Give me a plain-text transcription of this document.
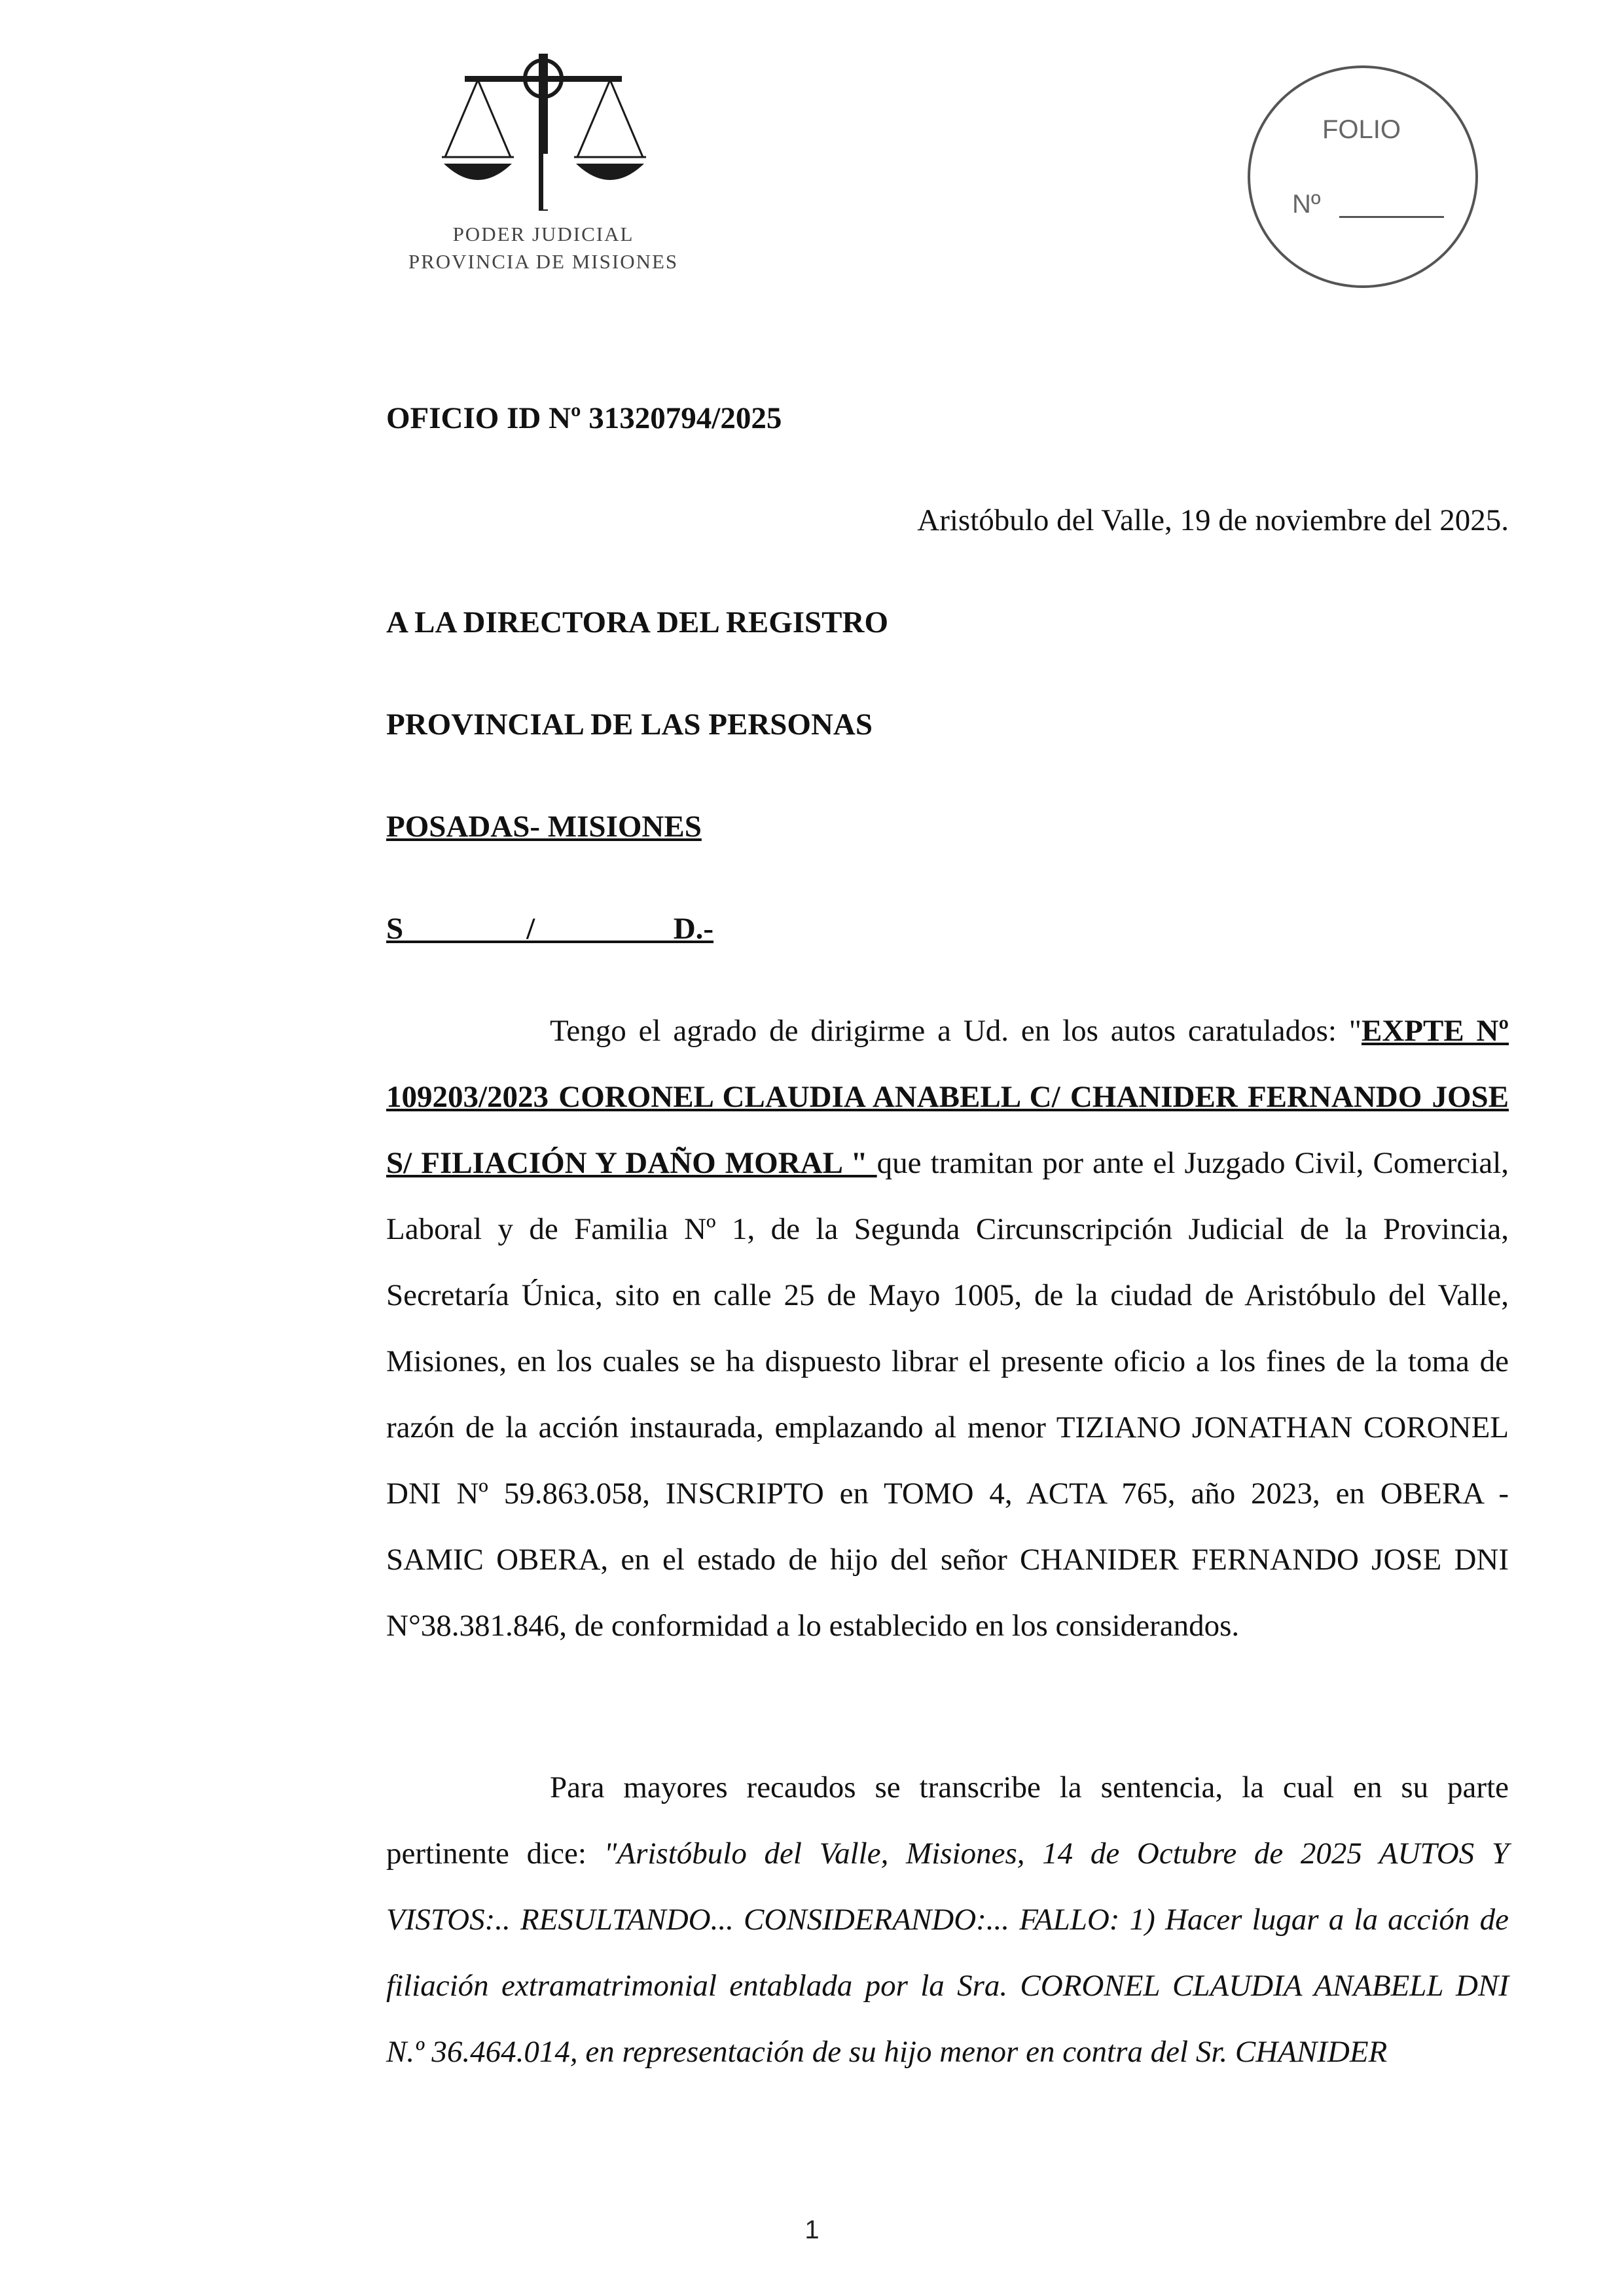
PODER JUDICIAL
PROVINCIA DE MISIONES
FOLIO
Nº
OFICIO ID Nº 31320794/2025
Aristóbulo del Valle, 19 de noviembre del 2025.
A LA DIRECTORA DEL REGISTRO
PROVINCIAL DE LAS PERSONAS
POSADAS- MISIONES
S________/_________D.-
Tengo el agrado de dirigirme a Ud. en los autos caratulados: "EXPTE Nº 109203/2023 CORONEL CLAUDIA ANABELL C/ CHANIDER FERNANDO JOSE S/ FILIACIÓN Y DAÑO MORAL " que tramitan por ante el Juzgado Civil, Comercial, Laboral y de Familia Nº 1, de la Segunda Circunscripción Judicial de la Provincia, Secretaría Única, sito en calle 25 de Mayo 1005, de la ciudad de Aristóbulo del Valle, Misiones, en los cuales se ha dispuesto librar el presente oficio a los fines de la toma de razón de la acción instaurada, emplazando al menor TIZIANO JONATHAN CORONEL DNI Nº 59.863.058, INSCRIPTO en TOMO 4, ACTA 765, año 2023, en OBERA - SAMIC OBERA, en el estado de hijo del señor CHANIDER FERNANDO JOSE DNI N°38.381.846, de conformidad a lo establecido en los considerandos.
Para mayores recaudos se transcribe la sentencia, la cual en su parte pertinente dice: "Aristóbulo del Valle, Misiones, 14 de Octubre de 2025 AUTOS Y VISTOS:.. RESULTANDO... CONSIDERANDO:... FALLO: 1) Hacer lugar a la acción de filiación extramatrimonial entablada por la Sra. CORONEL CLAUDIA ANABELL DNI N.º 36.464.014, en representación de su hijo menor en contra del Sr. CHANIDER
1
